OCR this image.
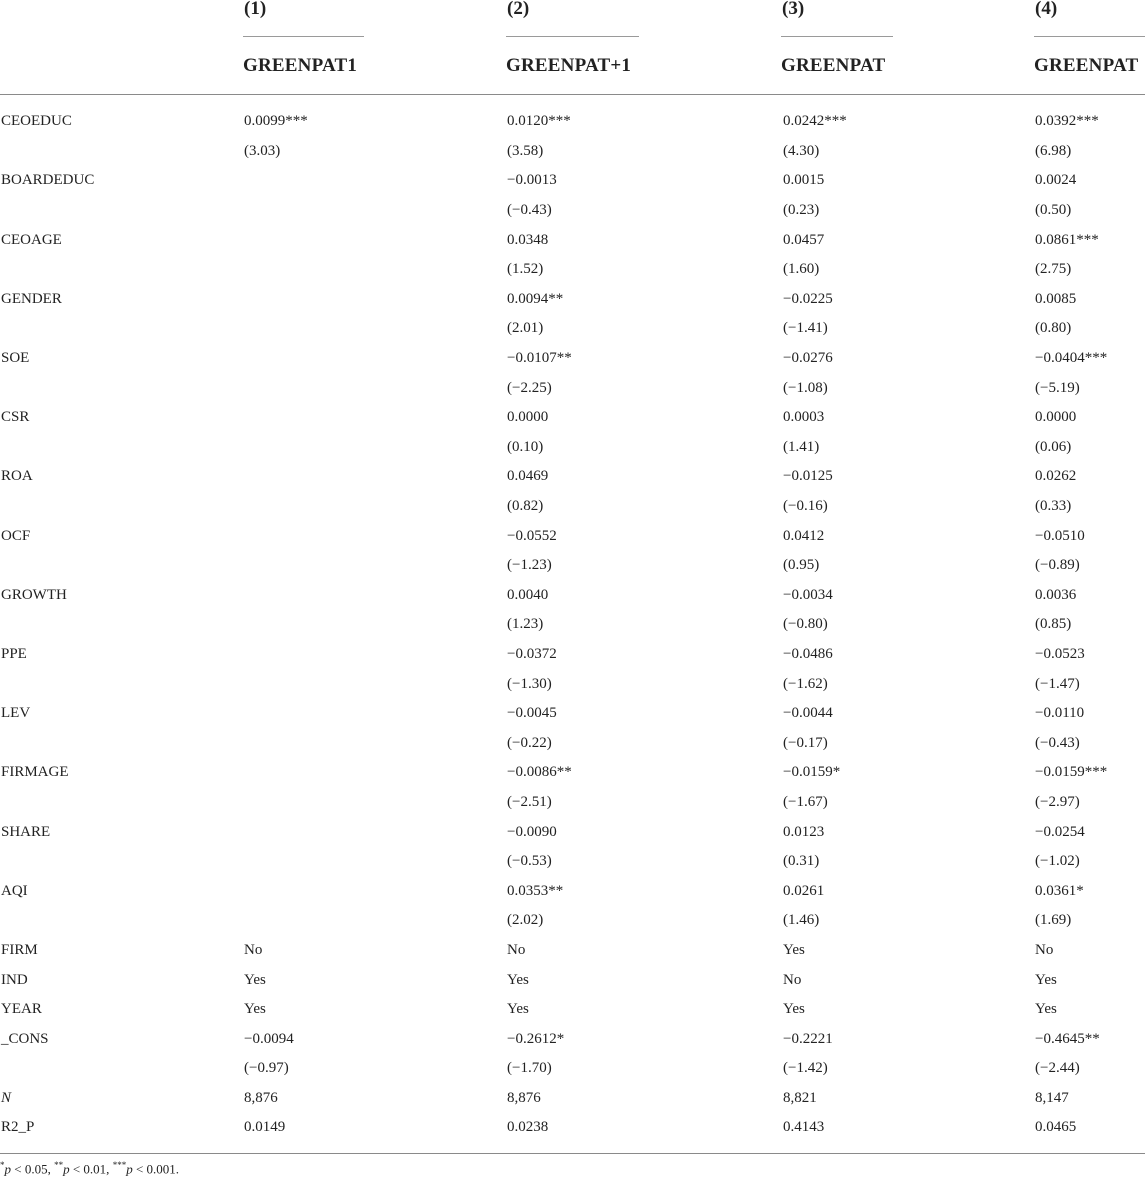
(1)	(2)	(3)	(4)
GREENPAT1	GREENPAT+1	GREENPAT	GREENPAT
CEOEDUC	0.0099***	0.0120***	0.0242***	0.0392***
	(3.03)	(3.58)	(4.30)	(6.98)
BOARDEDUC		−0.0013	0.0015	0.0024
		(−0.43)	(0.23)	(0.50)
CEOAGE		0.0348	0.0457	0.0861***
		(1.52)	(1.60)	(2.75)
GENDER		0.0094**	−0.0225	0.0085
		(2.01)	(−1.41)	(0.80)
SOE		−0.0107**	−0.0276	−0.0404***
		(−2.25)	(−1.08)	(−5.19)
CSR		0.0000	0.0003	0.0000
		(0.10)	(1.41)	(0.06)
ROA		0.0469	−0.0125	0.0262
		(0.82)	(−0.16)	(0.33)
OCF		−0.0552	0.0412	−0.0510
		(−1.23)	(0.95)	(−0.89)
GROWTH		0.0040	−0.0034	0.0036
		(1.23)	(−0.80)	(0.85)
PPE		−0.0372	−0.0486	−0.0523
		(−1.30)	(−1.62)	(−1.47)
LEV		−0.0045	−0.0044	−0.0110
		(−0.22)	(−0.17)	(−0.43)
FIRMAGE		−0.0086**	−0.0159*	−0.0159***
		(−2.51)	(−1.67)	(−2.97)
SHARE		−0.0090	0.0123	−0.0254
		(−0.53)	(0.31)	(−1.02)
AQI		0.0353**	0.0261	0.0361*
		(2.02)	(1.46)	(1.69)
FIRM	No	No	Yes	No
IND	Yes	Yes	No	Yes
YEAR	Yes	Yes	Yes	Yes
_CONS	−0.0094	−0.2612*	−0.2221	−0.4645**
	(−0.97)	(−1.70)	(−1.42)	(−2.44)
N	8,876	8,876	8,821	8,147
R2_P	0.0149	0.0238	0.4143	0.0465
*p < 0.05, **p < 0.01, ***p < 0.001.
